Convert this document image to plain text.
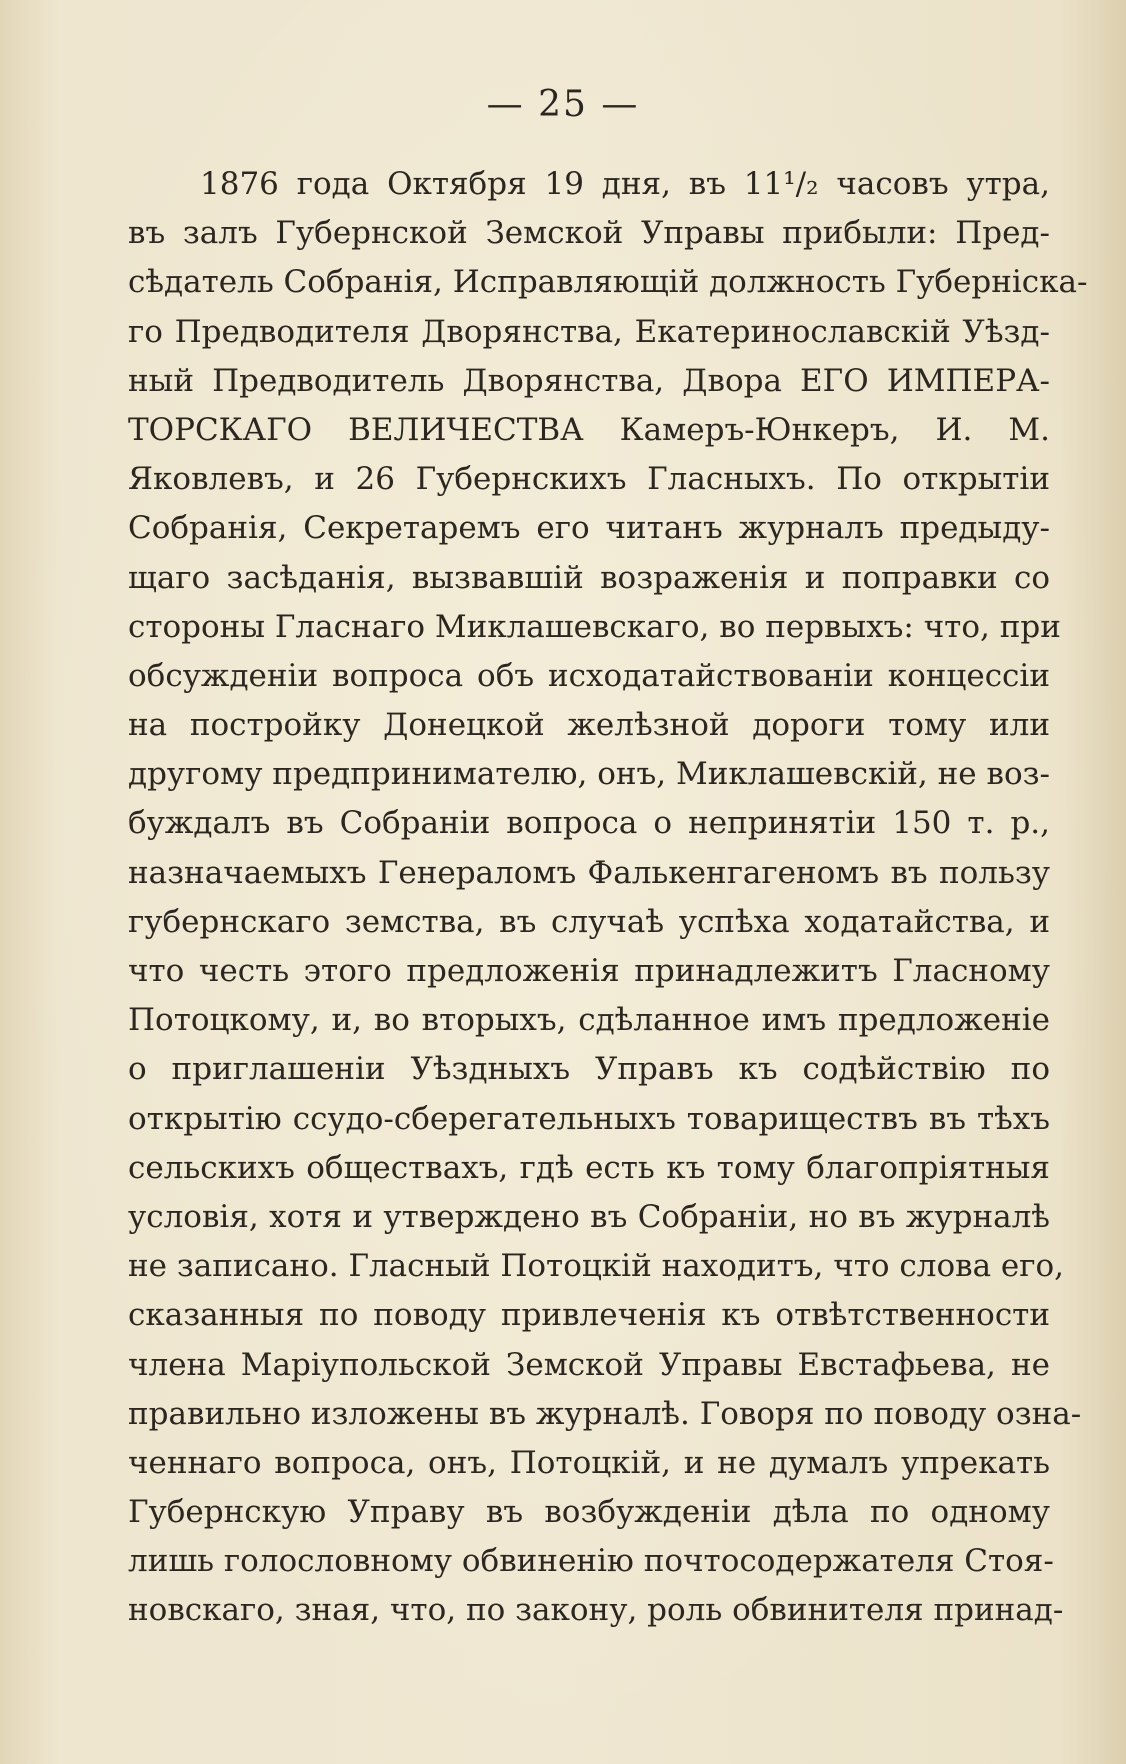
— 25 —

1876 года Октября 19 дня, въ 11¹/₂ часовъ утра,
въ залъ Губернской Земской Управы прибыли: Пред-
сѣдатель Собранія, Исправляющій должность Губерніска-
го Предводителя Дворянства, Екатеринославскій Уѣзд-
ный Предводитель Дворянства, Двора ЕГО ИМПЕРА-
ТОРСКАГО ВЕЛИЧЕСТВА Камеръ-Юнкеръ, И. М.
Яковлевъ, и 26 Губернскихъ Гласныхъ. По открытіи
Собранія, Секретаремъ его читанъ журналъ предыду-
щаго засѣданія, вызвавшій возраженія и поправки со
стороны Гласнаго Миклашевскаго, во первыхъ: что, при
обсужденіи вопроса объ исходатайствованіи концессіи
на постройку Донецкой желѣзной дороги тому или
другому предпринимателю, онъ, Миклашевскій, не воз-
буждалъ въ Собраніи вопроса о непринятіи 150 т. р.,
назначаемыхъ Генераломъ Фалькенгагеномъ въ пользу
губернскаго земства, въ случаѣ успѣха ходатайства, и
что честь этого предложенія принадлежитъ Гласному
Потоцкому, и, во вторыхъ, сдѣланное имъ предложеніе
о приглашеніи Уѣздныхъ Управъ къ содѣйствію по
открытію ссудо-сберегательныхъ товариществъ въ тѣхъ
сельскихъ обществахъ, гдѣ есть къ тому благопріятныя
условія, хотя и утверждено въ Собраніи, но въ журналѣ
не записано. Гласный Потоцкій находитъ, что слова его,
сказанныя по поводу привлеченія къ отвѣтственности
члена Маріупольской Земской Управы Евстафьева, не
правильно изложены въ журналѣ. Говоря по поводу озна-
ченнаго вопроса, онъ, Потоцкій, и не думалъ упрекать
Губернскую Управу въ возбужденіи дѣла по одному
лишь голословному обвиненію почтосодержателя Стоя-
новскаго, зная, что, по закону, роль обвинителя принад-
